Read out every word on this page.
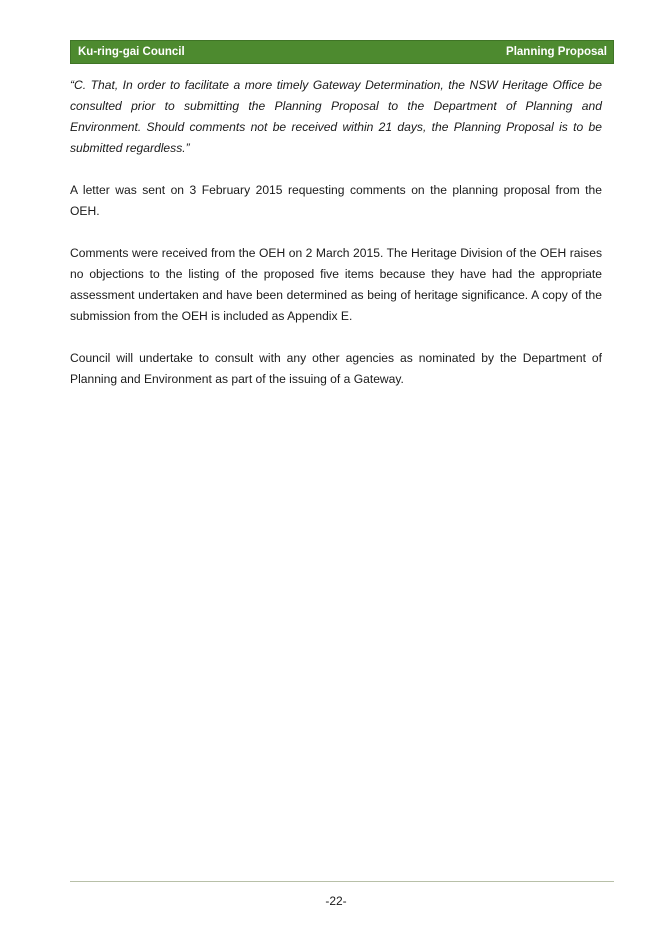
Ku-ring-gai Council	Planning Proposal

“C. That, In order to facilitate a more timely Gateway Determination, the NSW Heritage Office be consulted prior to submitting the Planning Proposal to the Department of Planning and Environment. Should comments not be received within 21 days, the Planning Proposal is to be submitted regardless.”

A letter was sent on 3 February 2015 requesting comments on the planning proposal from the OEH.

Comments were received from the OEH on 2 March 2015. The Heritage Division of the OEH raises no objections to the listing of the proposed five items because they have had the appropriate assessment undertaken and have been determined as being of heritage significance. A copy of the submission from the OEH is included as Appendix E.

Council will undertake to consult with any other agencies as nominated by the Department of Planning and Environment as part of the issuing of a Gateway.

-22-
